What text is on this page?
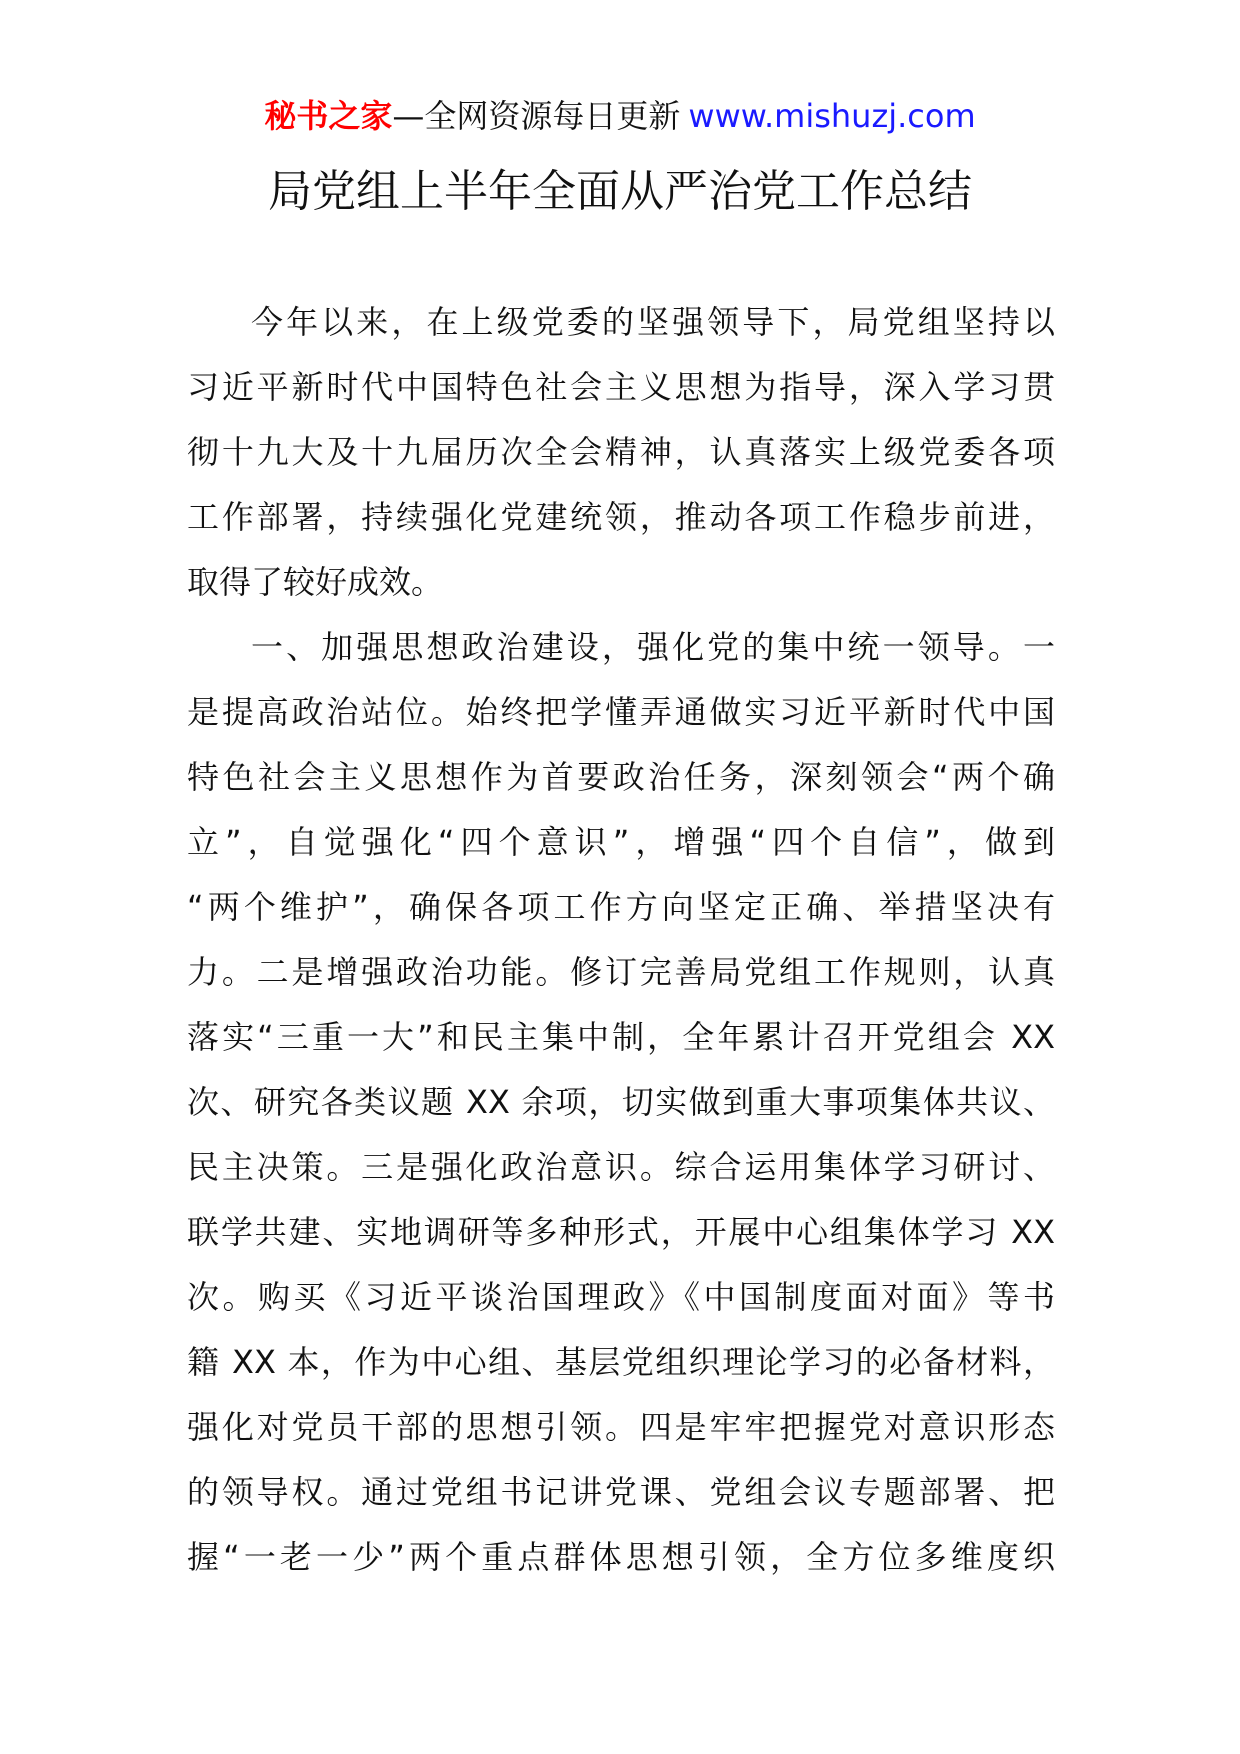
秘书之家—全网资源每日更新 www.mishuzj.com
局党组上半年全面从严治党工作总结
今年以来，在上级党委的坚强领导下，局党组坚持以
习近平新时代中国特色社会主义思想为指导，深入学习贯
彻十九大及十九届历次全会精神，认真落实上级党委各项
工作部署，持续强化党建统领，推动各项工作稳步前进，
取得了较好成效。
一、加强思想政治建设，强化党的集中统一领导。一
是提高政治站位。始终把学懂弄通做实习近平新时代中国
特色社会主义思想作为首要政治任务，深刻领会“两个确
立”，自觉强化“四个意识”，增强“四个自信”，做到
“两个维护”，确保各项工作方向坚定正确、举措坚决有
力。二是增强政治功能。修订完善局党组工作规则，认真
落实“三重一大”和民主集中制，全年累计召开党组会 XX
次、研究各类议题 XX 余项，切实做到重大事项集体共议、
民主决策。三是强化政治意识。综合运用集体学习研讨、
联学共建、实地调研等多种形式，开展中心组集体学习 XX
次。购买《习近平谈治国理政》《中国制度面对面》等书
籍 XX 本，作为中心组、基层党组织理论学习的必备材料，
强化对党员干部的思想引领。四是牢牢把握党对意识形态
的领导权。通过党组书记讲党课、党组会议专题部署、把
握“一老一少”两个重点群体思想引领，全方位多维度织
